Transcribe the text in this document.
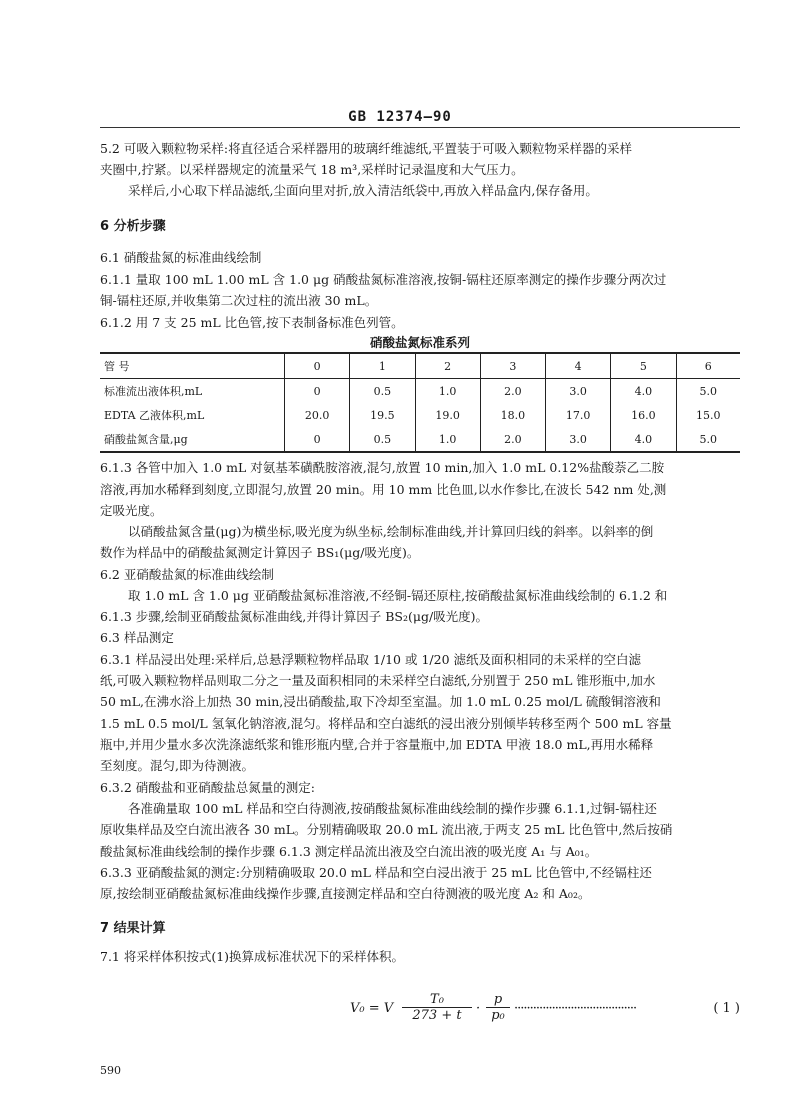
GB 12374—90
5.2 可吸入颗粒物采样:将直径适合采样器用的玻璃纤维滤纸,平置装于可吸入颗粒物采样器的采样
夹圈中,拧紧。以采样器规定的流量采气 18 m³,采样时记录温度和大气压力。
采样后,小心取下样品滤纸,尘面向里对折,放入清洁纸袋中,再放入样品盒内,保存备用。
6 分析步骤
6.1 硝酸盐氮的标准曲线绘制
6.1.1 量取 100 mL 1.00 mL 含 1.0 μg 硝酸盐氮标准溶液,按铜-镉柱还原率测定的操作步骤分两次过
铜-镉柱还原,并收集第二次过柱的流出液 30 mL。
6.1.2 用 7 支 25 mL 比色管,按下表制备标准色列管。
硝酸盐氮标准系列
管 号	0	1	2	3	4	5	6
标准流出液体积,mL	0	0.5	1.0	2.0	3.0	4.0	5.0
EDTA 乙液体积,mL	20.0	19.5	19.0	18.0	17.0	16.0	15.0
硝酸盐氮含量,μg	0	0.5	1.0	2.0	3.0	4.0	5.0
6.1.3 各管中加入 1.0 mL 对氨基苯磺酰胺溶液,混匀,放置 10 min,加入 1.0 mL 0.12%盐酸萘乙二胺
溶液,再加水稀释到刻度,立即混匀,放置 20 min。用 10 mm 比色皿,以水作参比,在波长 542 nm 处,测
定吸光度。
以硝酸盐氮含量(μg)为横坐标,吸光度为纵坐标,绘制标准曲线,并计算回归线的斜率。以斜率的倒
数作为样品中的硝酸盐氮测定计算因子 BS₁(μg/吸光度)。
6.2 亚硝酸盐氮的标准曲线绘制
取 1.0 mL 含 1.0 μg 亚硝酸盐氮标准溶液,不经铜-镉还原柱,按硝酸盐氮标准曲线绘制的 6.1.2 和
6.1.3 步骤,绘制亚硝酸盐氮标准曲线,并得计算因子 BS₂(μg/吸光度)。
6.3 样品测定
6.3.1 样品浸出处理:采样后,总悬浮颗粒物样品取 1/10 或 1/20 滤纸及面积相同的未采样的空白滤
纸,可吸入颗粒物样品则取二分之一量及面积相同的未采样空白滤纸,分别置于 250 mL 锥形瓶中,加水
50 mL,在沸水浴上加热 30 min,浸出硝酸盐,取下冷却至室温。加 1.0 mL 0.25 mol/L 硫酸铜溶液和
1.5 mL 0.5 mol/L 氢氧化钠溶液,混匀。将样品和空白滤纸的浸出液分别倾毕转移至两个 500 mL 容量
瓶中,并用少量水多次洗涤滤纸浆和锥形瓶内壁,合并于容量瓶中,加 EDTA 甲液 18.0 mL,再用水稀释
至刻度。混匀,即为待测液。
6.3.2 硝酸盐和亚硝酸盐总氮量的测定:
各准确量取 100 mL 样品和空白待测液,按硝酸盐氮标准曲线绘制的操作步骤 6.1.1,过铜-镉柱还
原收集样品及空白流出液各 30 mL。分别精确吸取 20.0 mL 流出液,于两支 25 mL 比色管中,然后按硝
酸盐氮标准曲线绘制的操作步骤 6.1.3 测定样品流出液及空白流出液的吸光度 A₁ 与 A₀₁。
6.3.3 亚硝酸盐氮的测定:分别精确吸取 20.0 mL 样品和空白浸出液于 25 mL 比色管中,不经镉柱还
原,按绘制亚硝酸盐氮标准曲线操作步骤,直接测定样品和空白待测液的吸光度 A₂ 和 A₀₂。
7 结果计算
7.1 将采样体积按式(1)换算成标准状况下的采样体积。
V₀ = V $\frac{\text{T₀}}{273 + t} \cdot \frac{p}{\text{p₀}}$ ·······································	( 1 )
590
